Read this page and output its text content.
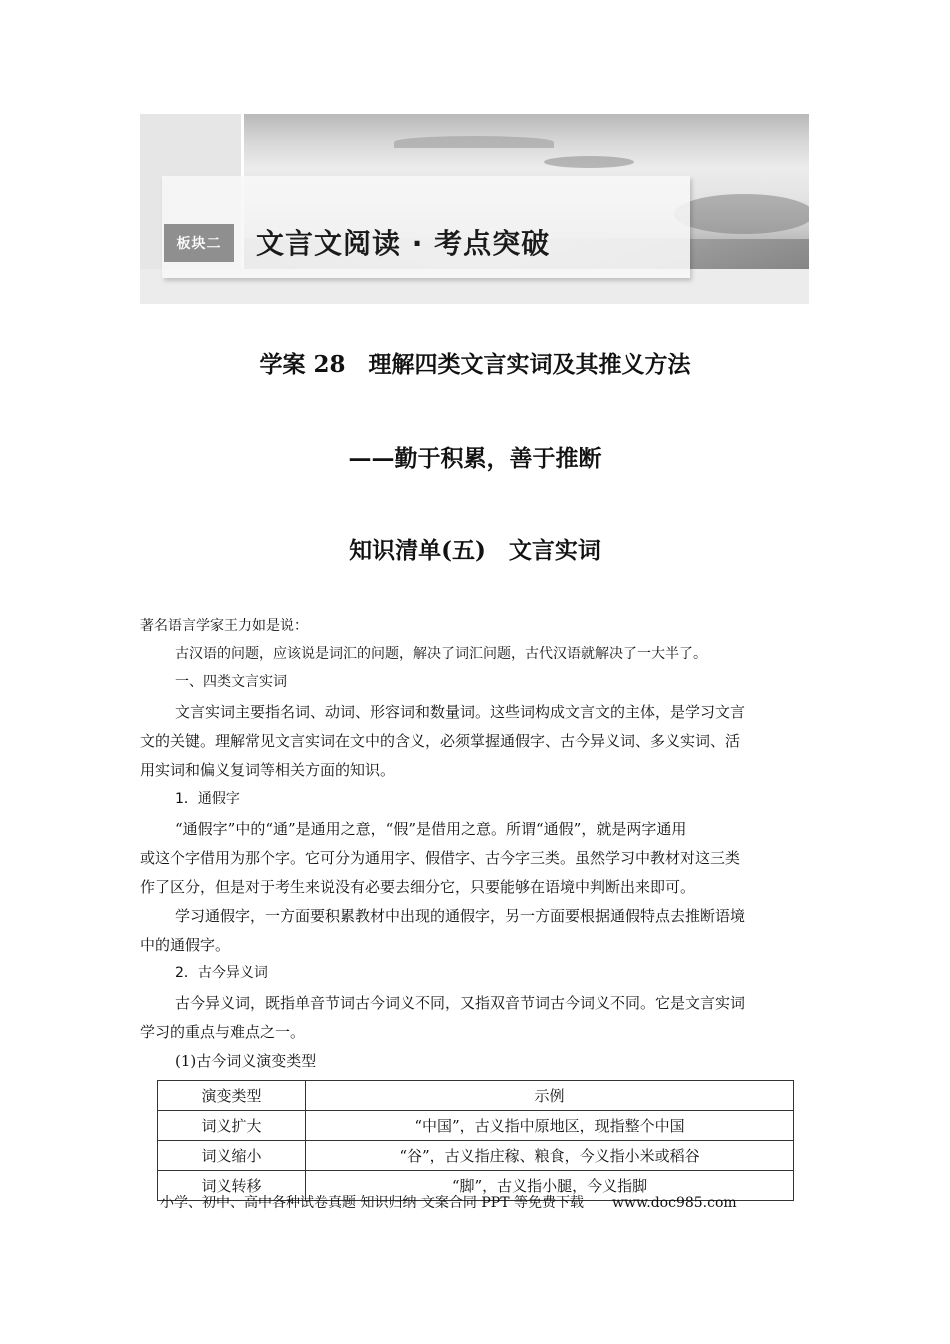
板块二	文言文阅读 · 考点突破
学案 28　理解四类文言实词及其推义方法
——勤于积累，善于推断
知识清单(五)　文言实词
著名语言学家王力如是说：
古汉语的问题，应该说是词汇的问题，解决了词汇问题，古代汉语就解决了一大半了。
一、四类文言实词
文言实词主要指名词、动词、形容词和数量词。这些词构成文言文的主体，是学习文言
文的关键。理解常见文言实词在文中的含义，必须掌握通假字、古今异义词、多义实词、活
用实词和偏义复词等相关方面的知识。
1．通假字
“通假字”中的“通”是通用之意，“假”是借用之意。所谓“通假”，就是两字通用
或这个字借用为那个字。它可分为通用字、假借字、古今字三类。虽然学习中教材对这三类
作了区分，但是对于考生来说没有必要去细分它，只要能够在语境中判断出来即可。
学习通假字，一方面要积累教材中出现的通假字，另一方面要根据通假特点去推断语境
中的通假字。
2．古今异义词
古今异义词，既指单音节词古今词义不同，又指双音节词古今词义不同。它是文言实词
学习的重点与难点之一。
(1)古今词义演变类型
演变类型	示例
词义扩大	“中国”，古义指中原地区，现指整个中国
词义缩小	“谷”，古义指庄稼、粮食，今义指小米或稻谷
词义转移	“脚”，古义指小腿，今义指脚
小学、初中、高中各种试卷真题 知识归纳 文案合同 PPT 等免费下载　　www.doc985.com
